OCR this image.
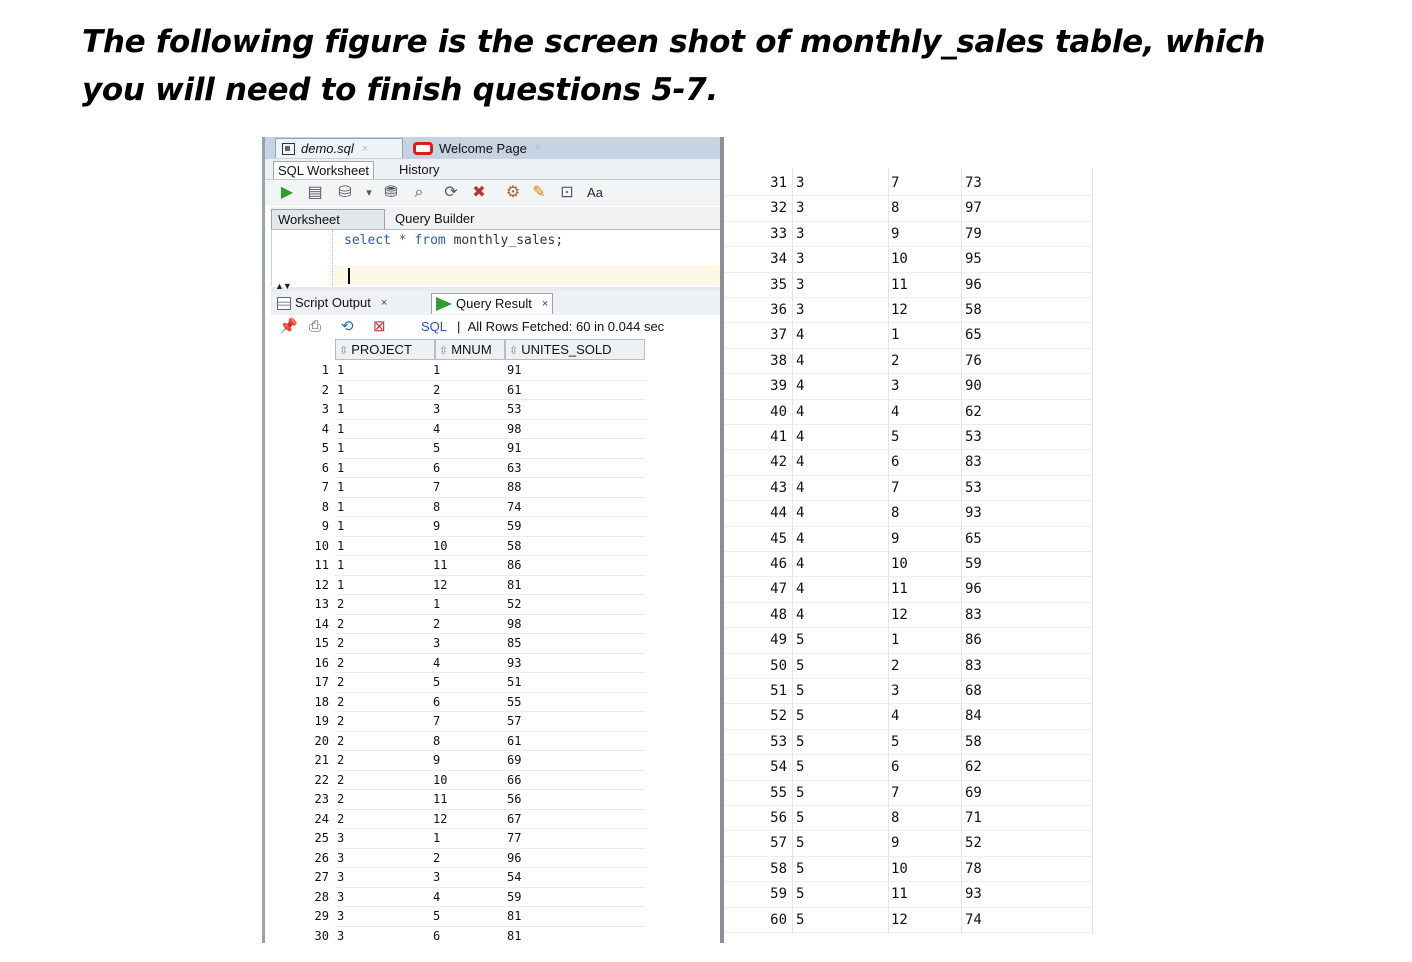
The following figure is the screen shot of monthly_sales table, which you will need to finish questions 5-7.
demo.sql ×	Welcome Page ×
SQL Worksheet	History
▶ ▤ ⛁	▾ ⛃	⌕	⟳ ✖ ⚙ ✎ ⊡ Aa
Worksheet	Query Builder
select * from monthly_sales;
▲▼
Script Output ×	Query Result ×
📌 ⎙ ⟲ ⊠	SQL | All Rows Fetched: 60 in 0.044 sec
⇳ PROJECT	⇳ MNUM	⇳ UNITES_SOLD
1 1	1	91
2 1	2	61
3 1	3	53
4 1	4	98
5 1	5	91
6 1	6	63
7 1	7	88
8 1	8	74
9 1	9	59
10 1	10	58
11 1	11	86
12 1	12	81
13 2	1	52
14 2	2	98
15 2	3	85
16 2	4	93
17 2	5	51
18 2	6	55
19 2	7	57
20 2	8	61
21 2	9	69
22 2	10	66
23 2	11	56
24 2	12	67
25 3	1	77
26 3	2	96
27 3	3	54
28 3	4	59
29 3	5	81
30 3	6	81
31 3	7	73
32 3	8	97
33 3	9	79
34 3	10	95
35 3	11	96
36 3	12	58
37 4	1	65
38 4	2	76
39 4	3	90
40 4	4	62
41 4	5	53
42 4	6	83
43 4	7	53
44 4	8	93
45 4	9	65
46 4	10	59
47 4	11	96
48 4	12	83
49 5	1	86
50 5	2	83
51 5	3	68
52 5	4	84
53 5	5	58
54 5	6	62
55 5	7	69
56 5	8	71
57 5	9	52
58 5	10	78
59 5	11	93
60 5	12	74
